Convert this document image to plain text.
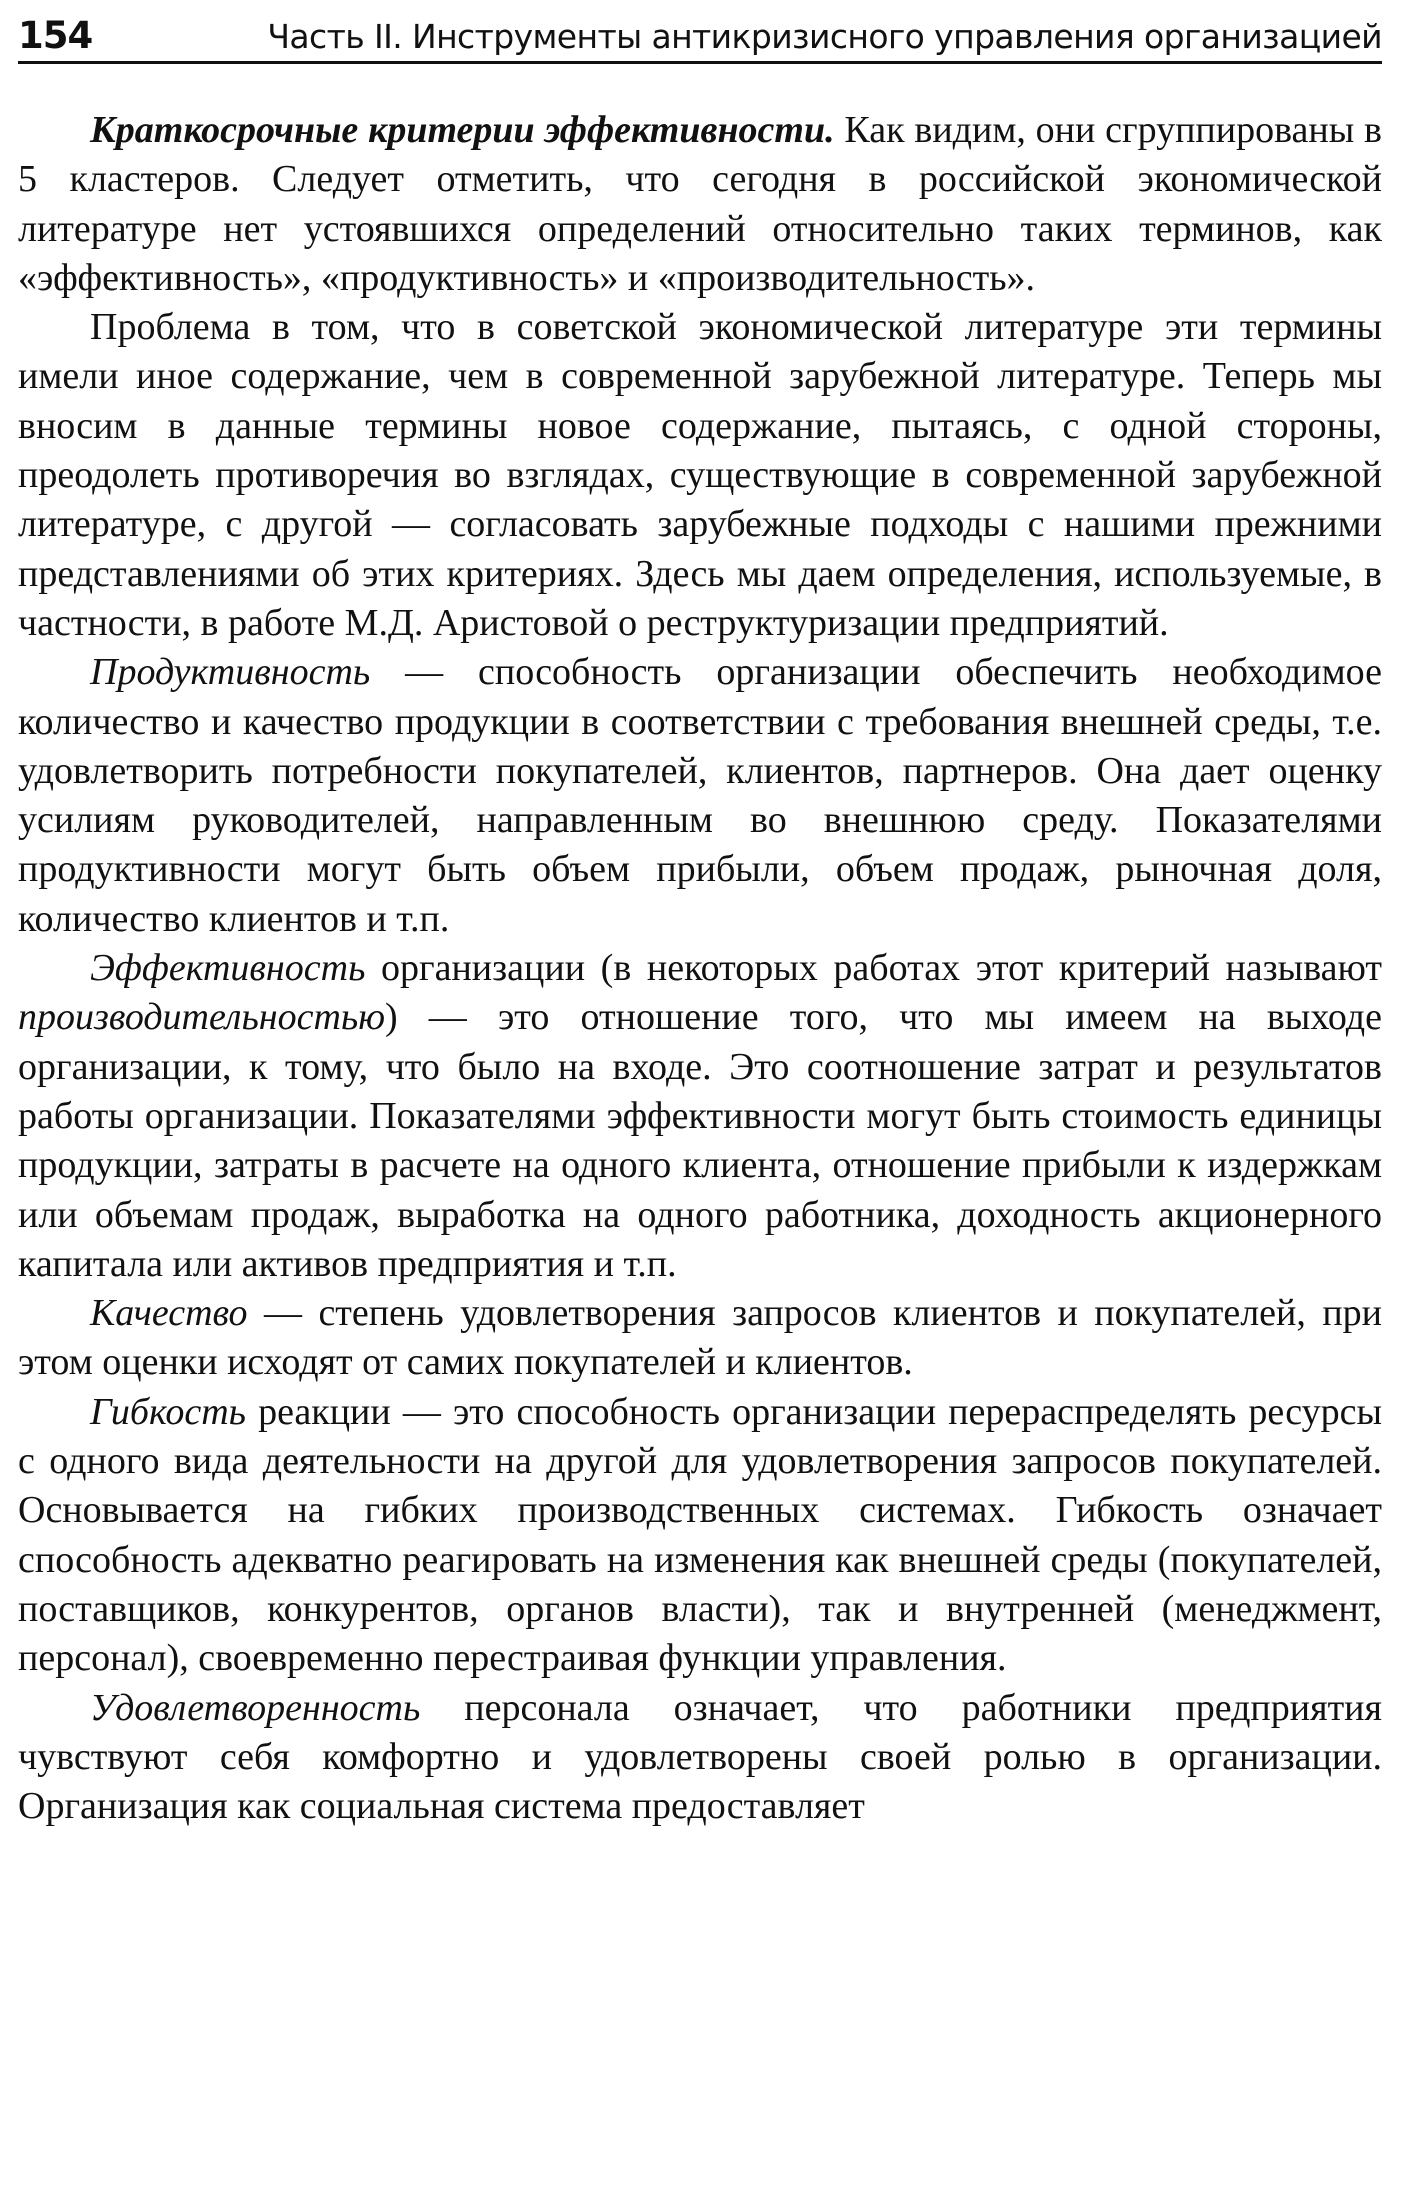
154	Часть II. Инструменты антикризисного управления организацией

Краткосрочные критерии эффективности. Как видим, они сгруппированы в 5 кластеров. Следует отметить, что сегодня в российской экономической литературе нет устоявшихся определений относительно таких терминов, как «эффективность», «продуктивность» и «производительность».

Проблема в том, что в советской экономической литературе эти термины имели иное содержание, чем в современной зарубежной литературе. Теперь мы вносим в данные термины новое содержание, пытаясь, с одной стороны, преодолеть противоречия во взглядах, существующие в современной зарубежной литературе, с другой — согласовать зарубежные подходы с нашими прежними представлениями об этих критериях. Здесь мы даем определения, используемые, в частности, в работе М.Д. Аристовой о реструктуризации предприятий.

Продуктивность — способность организации обеспечить необходимое количество и качество продукции в соответствии с требования внешней среды, т.е. удовлетворить потребности покупателей, клиентов, партнеров. Она дает оценку усилиям руководителей, направленным во внешнюю среду. Показателями продуктивности могут быть объем прибыли, объем продаж, рыночная доля, количество клиентов и т.п.

Эффективность организации (в некоторых работах этот критерий называют производительностью) — это отношение того, что мы имеем на выходе организации, к тому, что было на входе. Это соотношение затрат и результатов работы организации. Показателями эффективности могут быть стоимость единицы продукции, затраты в расчете на одного клиента, отношение прибыли к издержкам или объемам продаж, выработка на одного работника, доходность акционерного капитала или активов предприятия и т.п.

Качество — степень удовлетворения запросов клиентов и покупателей, при этом оценки исходят от самих покупателей и клиентов.

Гибкость реакции — это способность организации перераспределять ресурсы с одного вида деятельности на другой для удовлетворения запросов покупателей. Основывается на гибких производственных системах. Гибкость означает способность адекватно реагировать на изменения как внешней среды (покупателей, поставщиков, конкурентов, органов власти), так и внутренней (менеджмент, персонал), своевременно перестраивая функции управления.

Удовлетворенность персонала означает, что работники предприятия чувствуют себя комфортно и удовлетворены своей ролью в организации. Организация как социальная система предоставляет
